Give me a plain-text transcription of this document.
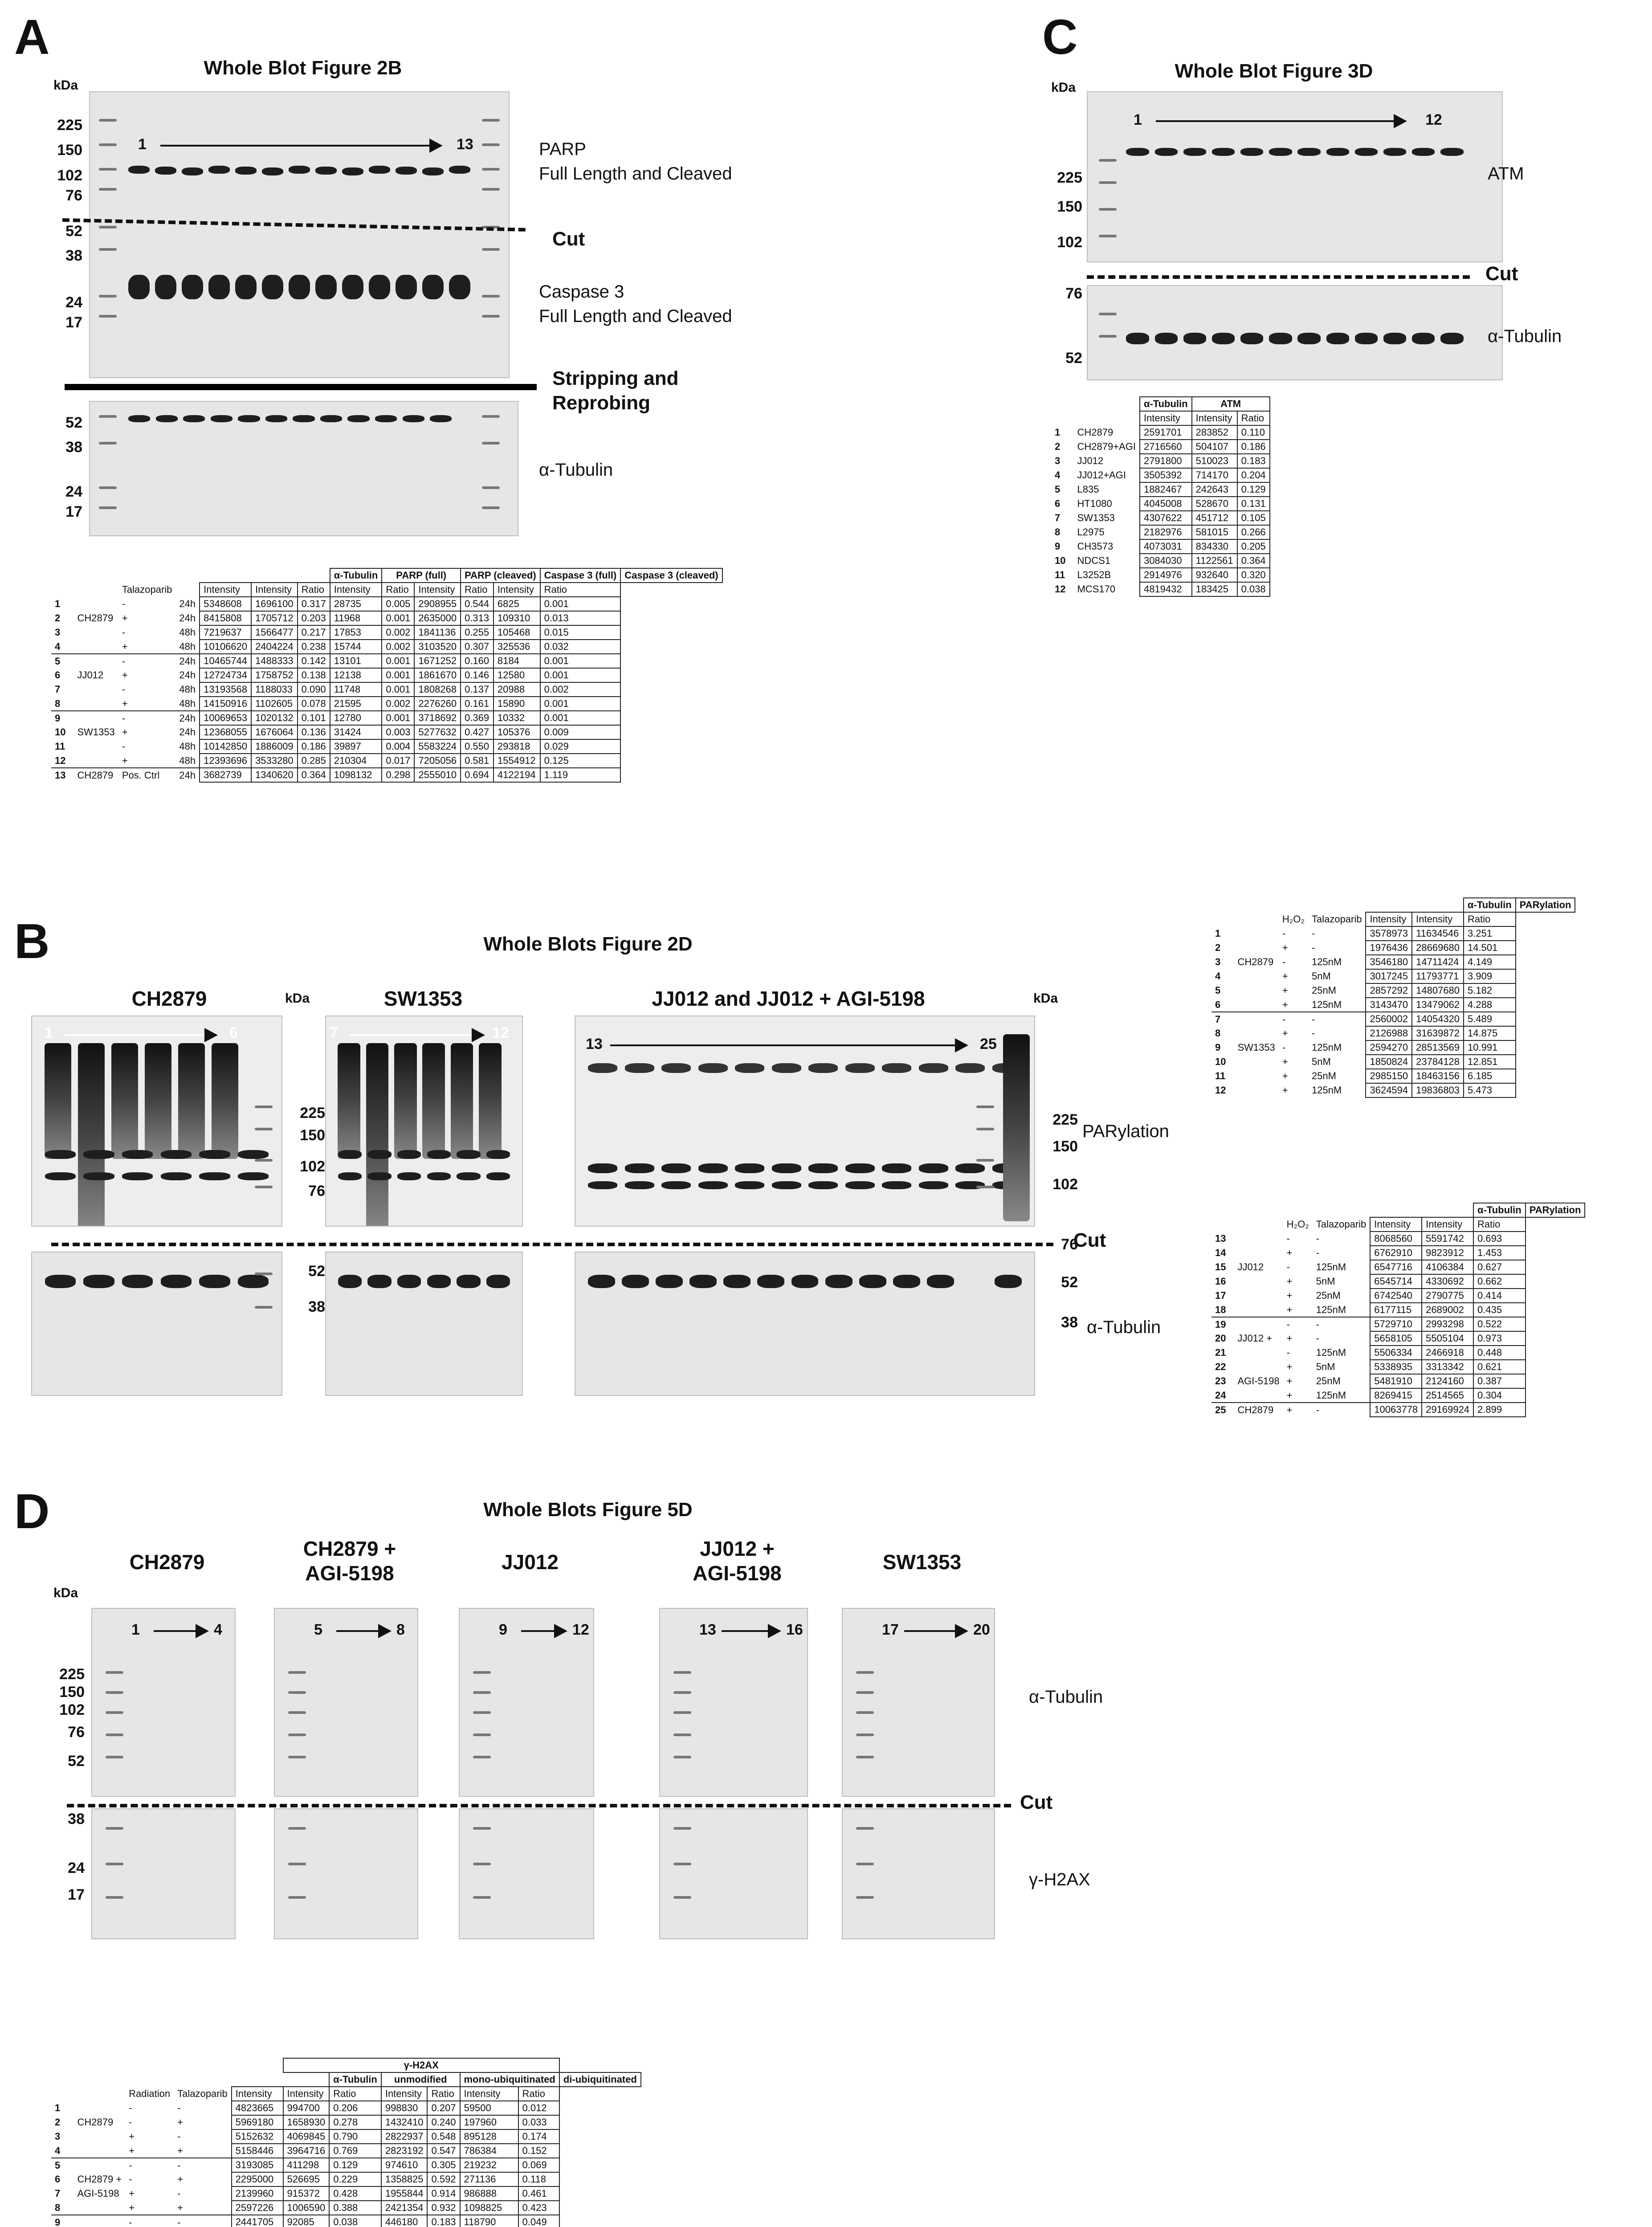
A
Whole Blot Figure 2B
kDa
225
150
102
76
52
38
24
17
1	13	PARP
Full Length and Cleaved
Cut
Caspase 3
Full Length and Cleaved
Stripping and
Reprobing
52
38
24
17
α-Tubulin
							α-Tubulin	PARP (full)		PARP (cleaved)		Caspase 3 (full)	Caspase 3 (cleaved)
		Talazoparib		Intensity	Intensity	Ratio	Intensity	Ratio	Intensity	Ratio	Intensity	Ratio	
1		-	24h	5348608	1696100	0.317	28735	0.005	2908955	0.544	6825	0.001	
2	CH2879	+	24h	8415808	1705712	0.203	11968	0.001	2635000	0.313	109310	0.013	
3		-	48h	7219637	1566477	0.217	17853	0.002	1841136	0.255	105468	0.015	
4		+	48h	10106620	2404224	0.238	15744	0.002	3103520	0.307	325536	0.032	
5		-	24h	10465744	1488333	0.142	13101	0.001	1671252	0.160	8184	0.001	
6	JJ012	+	24h	12724734	1758752	0.138	12138	0.001	1861670	0.146	12580	0.001	
7		-	48h	13193568	1188033	0.090	11748	0.001	1808268	0.137	20988	0.002	
8		+	48h	14150916	1102605	0.078	21595	0.002	2276260	0.161	15890	0.001	
9		-	24h	10069653	1020132	0.101	12780	0.001	3718692	0.369	10332	0.001	
10	SW1353	+	24h	12368055	1676064	0.136	31424	0.003	5277632	0.427	105376	0.009	
11		-	48h	10142850	1886009	0.186	39897	0.004	5583224	0.550	293818	0.029	
12		+	48h	12393696	3533280	0.285	210304	0.017	7205056	0.581	1554912	0.125	
13	CH2879	Pos. Ctrl	24h	3682739	1340620	0.364	1098132	0.298	2555010	0.694	4122194	1.119	
C
Whole Blot Figure 3D
kDa
225
150
102
1	12
ATM
Cut
76
52
α-Tubulin
		α-Tubulin	ATM	
		Intensity	Intensity	Ratio
1	CH2879	2591701	283852	0.110
2	CH2879+AGI	2716560	504107	0.186
3	JJ012	2791800	510023	0.183
4	JJ012+AGI	3505392	714170	0.204
5	L835	1882467	242643	0.129
6	HT1080	4045008	528670	0.131
7	SW1353	4307622	451712	0.105
8	L2975	2182976	581015	0.266
9	CH3573	4073031	834330	0.205
10	NDCS1	3084030	1122561	0.364
11	L3252B	2914976	932640	0.320
12	MCS170	4819432	183425	0.038
B	Whole Blots Figure 2D
CH2879	SW1353	JJ012 and JJ012 + AGI-5198
kDa	kDa
1	6	7	12
13	25
225
150
102
76
52
38
225
150
102
76
52
38
PARylation
Cut
α-Tubulin
						α-Tubulin	PARylation
		H₂O₂	Talazoparib	Intensity	Intensity	Ratio	
1		-	-	3578973	11634546	3.251	
2		+	-	1976436	28669680	14.501	
3	CH2879	-	125nM	3546180	14711424	4.149	
4		+	5nM	3017245	11793771	3.909	
5		+	25nM	2857292	14807680	5.182	
6		+	125nM	3143470	13479062	4.288	
7		-	-	2560002	14054320	5.489	
8		+	-	2126988	31639872	14.875	
9	SW1353	-	125nM	2594270	28513569	10.991	
10		+	5nM	1850824	23784128	12.851	
11		+	25nM	2985150	18463156	6.185	
12		+	125nM	3624594	19836803	5.473	
						α-Tubulin	PARylation
		H₂O₂	Talazoparib	Intensity	Intensity	Ratio	
13		-	-	8068560	5591742	0.693	
14		+	-	6762910	9823912	1.453	
15	JJ012	-	125nM	6547716	4106384	0.627	
16		+	5nM	6545714	4330692	0.662	
17		+	25nM	6742540	2790775	0.414	
18		+	125nM	6177115	2689002	0.435	
19		-	-	5729710	2993298	0.522	
20	JJ012 +	+	-	5658105	5505104	0.973	
21		-	125nM	5506334	2466918	0.448	
22		+	5nM	5338935	3313342	0.621	
23	AGI-5198	+	25nM	5481910	2124160	0.387	
24		+	125nM	8269415	2514565	0.304	
25	CH2879	+	-	10063778	29169924	2.899	
D	Whole Blots Figure 5D
kDa
CH2879
CH2879 +
AGI-5198	JJ012
JJ012 +
AGI-5198	SW1353
225
150
102
76
52
38
24
17
1	4	5	8	9	12	13	16	17	20
α-Tubulin
Cut
γ-H2AX
					γ-H2AX						
						α-Tubulin	unmodified		mono-ubiquitinated		di-ubiquitinated
		Radiation	Talazoparib	Intensity	Intensity	Ratio	Intensity	Ratio	Intensity	Ratio	
1		-	-	4823665	994700	0.206	998830	0.207	59500	0.012	
2	CH2879	-	+	5969180	1658930	0.278	1432410	0.240	197960	0.033	
3		+	-	5152632	4069845	0.790	2822937	0.548	895128	0.174	
4		+	+	5158446	3964716	0.769	2823192	0.547	786384	0.152	
5		-	-	3193085	411298	0.129	974610	0.305	219232	0.069	
6	CH2879 +	-	+	2295000	526695	0.229	1358825	0.592	271136	0.118	
7	AGI-5198	+	-	2139960	915372	0.428	1955844	0.914	986888	0.461	
8		+	+	2597226	1006590	0.388	2421354	0.932	1098825	0.423	
9		-	-	2441705	92085	0.038	446180	0.183	118790	0.049	
